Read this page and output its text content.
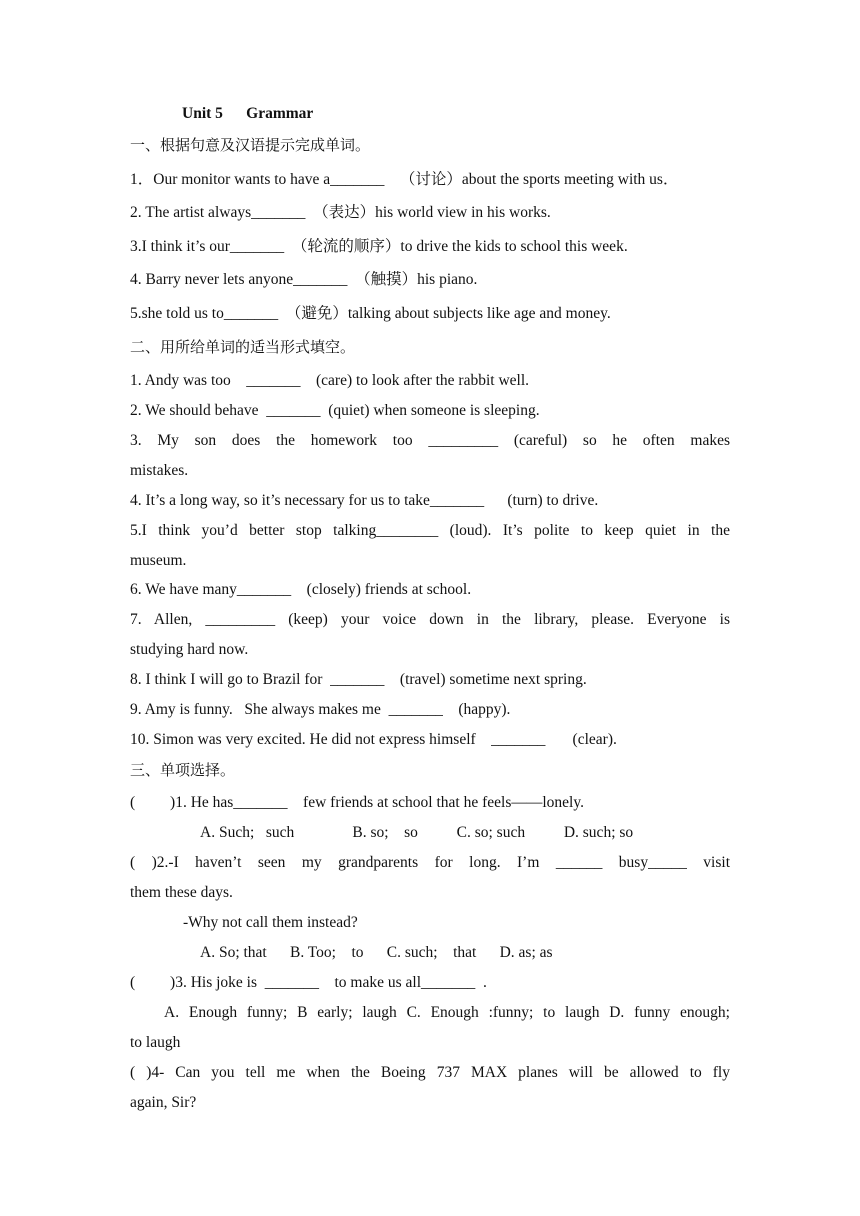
Unit 5 Grammar
一、根据句意及汉语提示完成单词。
1．Our monitor wants to have a_______    （讨论）about the sports meeting with us．
2. The artist always_______  （表达）his world view in his works.
3.I think it’s our_______  （轮流的顺序）to drive the kids to school this week.
4. Barry never lets anyone_______  （触摸）his piano.
5.she told us to_______  （避免）talking about subjects like age and money.
二、用所给单词的适当形式填空。
1. Andy was too    _______    (care) to look after the rabbit well.
2. We should behave  _______  (quiet) when someone is sleeping.
3. My son does the homework too _________ (careful) so he often makes
mistakes.
4. It’s a long way, so it’s necessary for us to take_______      (turn) to drive.
5.I think you’d better stop talking________ (loud). It’s polite to keep quiet in the
museum.
6. We have many_______    (closely) friends at school.
7. Allen, _________ (keep) your voice down in the library, please. Everyone is
studying hard now.
8. I think I will go to Brazil for  _______    (travel) sometime next spring.
9. Amy is funny.   She always makes me  _______    (happy).
10. Simon was very excited. He did not express himself    _______       (clear).
三、单项选择。
(         )1. He has_______    few friends at school that he feels——lonely.
A. Such;   such               B. so;    so          C. so; such          D. such; so
( )2.-I haven’t seen my grandparents for long. I’m ______ busy_____ visit
them these days.
-Why not call them instead?
A. So; that      B. Too;    to      C. such;    that      D. as; as
(         )3. His joke is  _______    to make us all_______  .
A. Enough funny; B early; laugh C. Enough :funny; to laugh D. funny enough;
to laugh
( )4- Can you tell me when the Boeing 737 MAX planes will be allowed to fly
again, Sir?
